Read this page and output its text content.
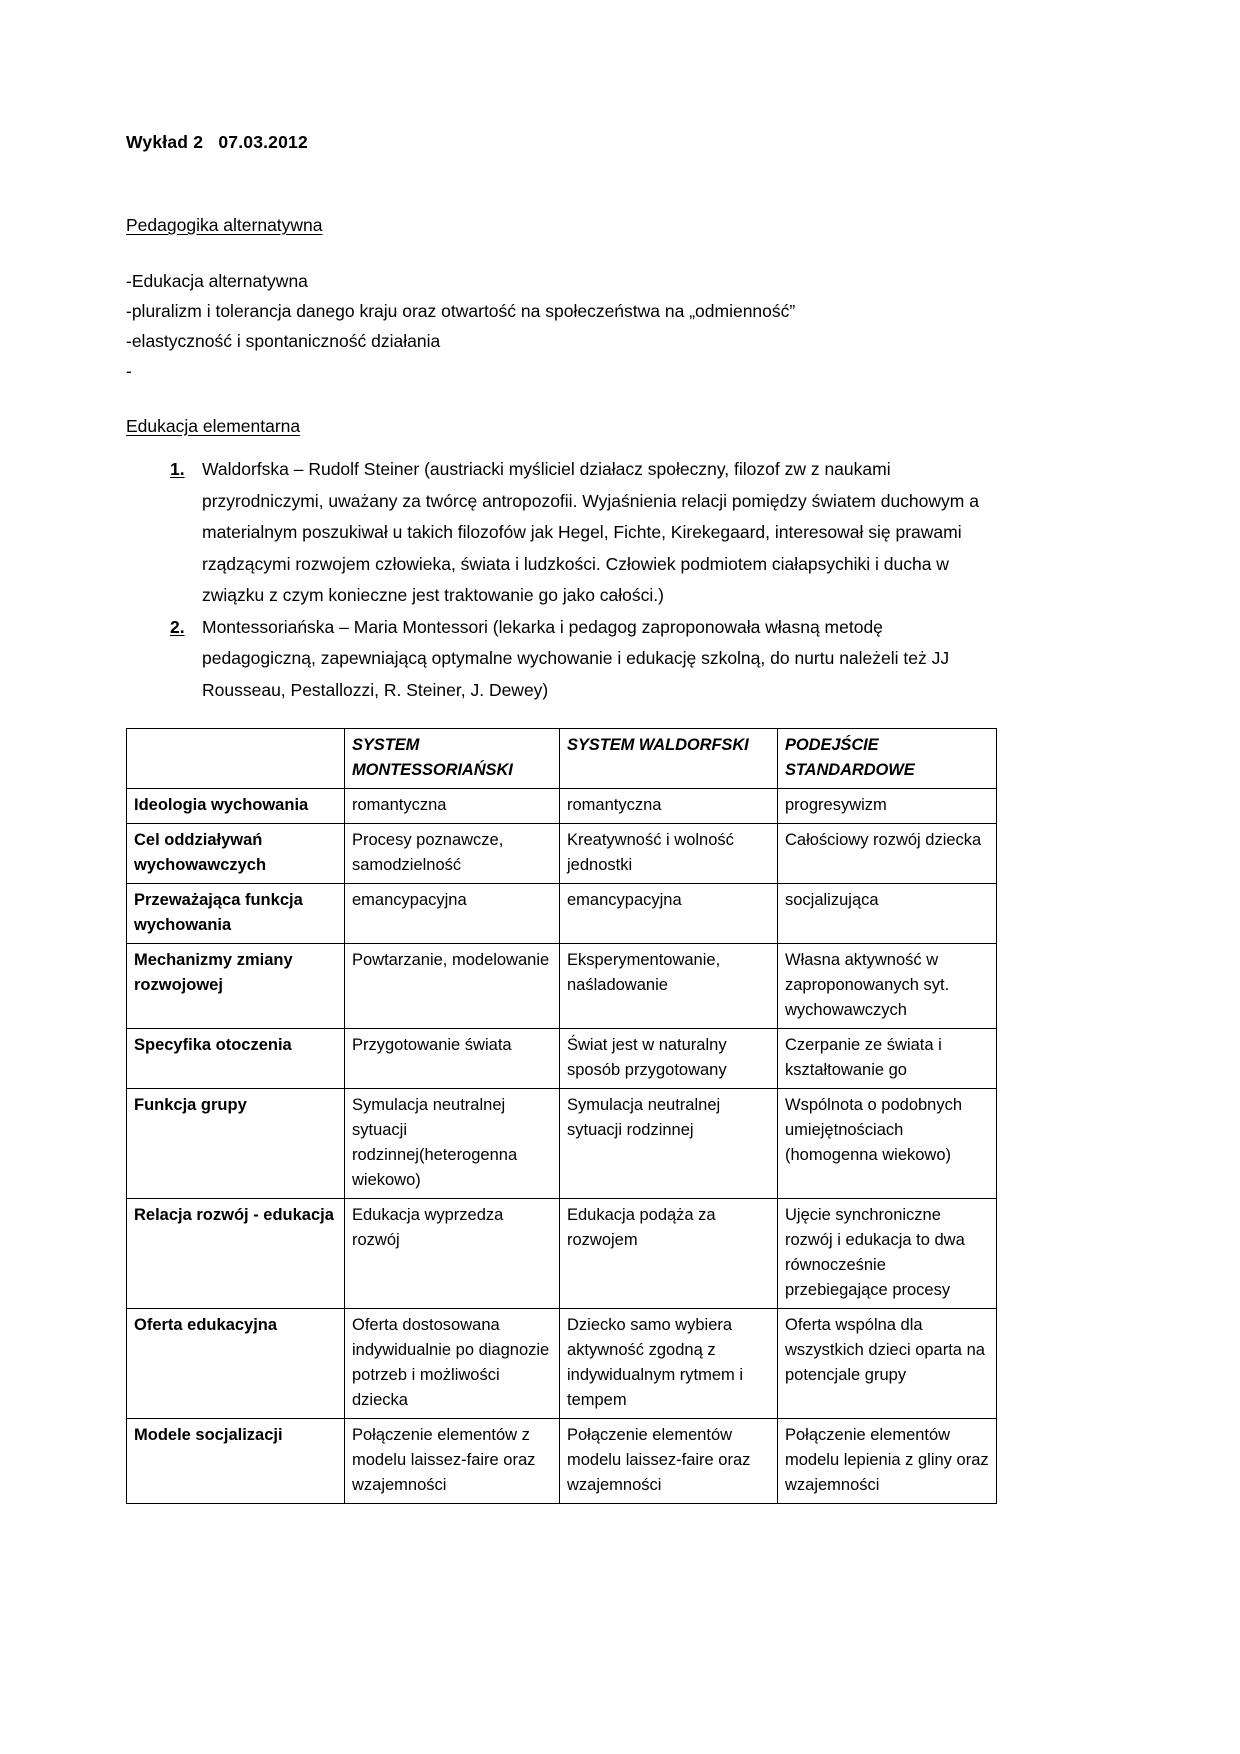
Wykład 2   07.03.2012
Pedagogika alternatywna
-Edukacja alternatywna
-pluralizm i tolerancja danego kraju oraz otwartość na społeczeństwa na „odmienność”
-elastyczność i spontaniczność działania
-
Edukacja elementarna
1. Waldorfska – Rudolf Steiner (austriacki myśliciel działacz społeczny, filozof zw z naukami przyrodniczymi, uważany za twórcę antropozofii. Wyjaśnienia relacji pomiędzy światem duchowym a materialnym poszukiwał u takich filozofów jak Hegel, Fichte, Kirekegaard, interesował się prawami rządzącymi rozwojem człowieka, świata i ludzkości. Człowiek podmiotem ciałapsychiki i ducha w związku z czym konieczne jest traktowanie go jako całości.)
2. Montessoriańska – Maria Montessori (lekarka i pedagog zaproponowała własną metodę pedagogiczną, zapewniającą optymalne wychowanie i edukację szkolną, do nurtu należeli też JJ Rousseau, Pestallozzi, R. Steiner, J. Dewey)
	SYSTEM MONTESSORIAŃSKI	SYSTEM WALDORFSKI	PODEJŚCIE STANDARDOWE
Ideologia wychowania	romantyczna	romantyczna	progresywizm
Cel oddziaływań wychowawczych	Procesy poznawcze, samodzielność	Kreatywność i wolność jednostki	Całościowy rozwój dziecka
Przeważająca funkcja wychowania	emancypacyjna	emancypacyjna	socjalizująca
Mechanizmy zmiany rozwojowej	Powtarzanie, modelowanie	Eksperymentowanie, naśladowanie	Własna aktywność w zaproponowanych syt. wychowawczych
Specyfika otoczenia	Przygotowanie świata	Świat jest w naturalny sposób przygotowany	Czerpanie ze świata i kształtowanie go
Funkcja grupy	Symulacja neutralnej sytuacji rodzinnej(heterogenna wiekowo)	Symulacja neutralnej sytuacji rodzinnej	Wspólnota o podobnych umiejętnościach (homogenna wiekowo)
Relacja rozwój - edukacja	Edukacja wyprzedza rozwój	Edukacja podąża za rozwojem	Ujęcie synchroniczne rozwój i edukacja to dwa równocześnie przebiegające procesy
Oferta edukacyjna	Oferta dostosowana indywidualnie po diagnozie potrzeb i możliwości dziecka	Dziecko samo wybiera aktywność zgodną z indywidualnym rytmem i tempem	Oferta wspólna dla wszystkich dzieci oparta na potencjale grupy
Modele socjalizacji	Połączenie elementów z modelu laissez-faire oraz wzajemności	Połączenie elementów modelu laissez-faire oraz wzajemności	Połączenie elementów modelu lepienia z gliny oraz wzajemności
